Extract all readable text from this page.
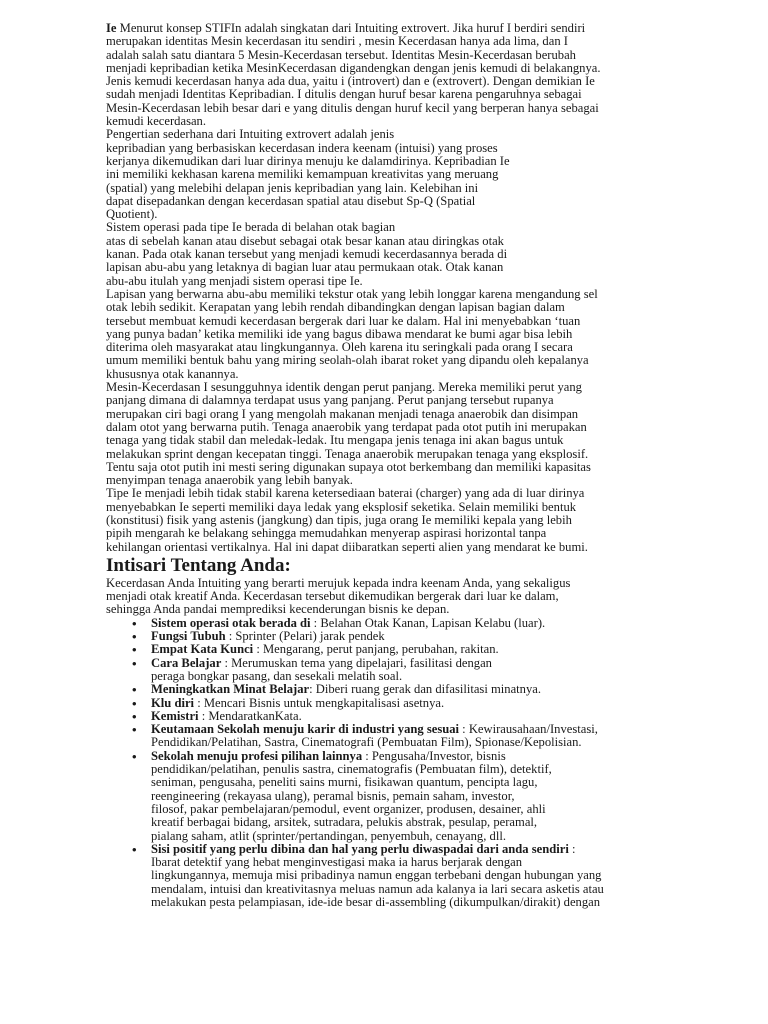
Ie Menurut konsep STIFIn adalah singkatan dari Intuiting extrovert. Jika huruf I berdiri sendiri
merupakan identitas Mesin kecerdasan itu sendiri , mesin Kecerdasan hanya ada lima, dan I
adalah salah satu diantara 5 Mesin-Kecerdasan tersebut. Identitas Mesin-Kecerdasan berubah
menjadi kepribadian ketika MesinKecerdasan digandengkan dengan jenis kemudi di belakangnya.
Jenis kemudi kecerdasan hanya ada dua, yaitu i (introvert) dan e (extrovert). Dengan demikian Ie
sudah menjadi Identitas Kepribadian. I ditulis dengan huruf besar karena pengaruhnya sebagai
Mesin-Kecerdasan lebih besar dari e yang ditulis dengan huruf kecil yang berperan hanya sebagai
kemudi kecerdasan.
Pengertian sederhana dari Intuiting extrovert adalah jenis
kepribadian yang berbasiskan kecerdasan indera keenam (intuisi) yang proses
kerjanya dikemudikan dari luar dirinya menuju ke dalamdirinya. Kepribadian Ie
ini memiliki kekhasan karena memiliki kemampuan kreativitas yang meruang
(spatial) yang melebihi delapan jenis kepribadian yang lain. Kelebihan ini
dapat disepadankan dengan kecerdasan spatial atau disebut Sp-Q (Spatial
Quotient).
Sistem operasi pada tipe Ie berada di belahan otak bagian
atas di sebelah kanan atau disebut sebagai otak besar kanan atau diringkas otak
kanan. Pada otak kanan tersebut yang menjadi kemudi kecerdasannya berada di
lapisan abu-abu yang letaknya di bagian luar atau permukaan otak. Otak kanan
abu-abu itulah yang menjadi sistem operasi tipe Ie.
Lapisan yang berwarna abu-abu memiliki tekstur otak yang lebih longgar karena mengandung sel
otak lebih sedikit. Kerapatan yang lebih rendah dibandingkan dengan lapisan bagian dalam
tersebut membuat kemudi kecerdasan bergerak dari luar ke dalam. Hal ini menyebabkan ‘tuan
yang punya badan’ ketika memiliki ide yang bagus dibawa mendarat ke bumi agar bisa lebih
diterima oleh masyarakat atau lingkungannya. Oleh karena itu seringkali pada orang I secara
umum memiliki bentuk bahu yang miring seolah-olah ibarat roket yang dipandu oleh kepalanya
khususnya otak kanannya.
Mesin-Kecerdasan I sesungguhnya identik dengan perut panjang. Mereka memiliki perut yang
panjang dimana di dalamnya terdapat usus yang panjang. Perut panjang tersebut rupanya
merupakan ciri bagi orang I yang mengolah makanan menjadi tenaga anaerobik dan disimpan
dalam otot yang berwarna putih. Tenaga anaerobik yang terdapat pada otot putih ini merupakan
tenaga yang tidak stabil dan meledak-ledak. Itu mengapa jenis tenaga ini akan bagus untuk
melakukan sprint dengan kecepatan tinggi. Tenaga anaerobik merupakan tenaga yang eksplosif.
Tentu saja otot putih ini mesti sering digunakan supaya otot berkembang dan memiliki kapasitas
menyimpan tenaga anaerobik yang lebih banyak.
Tipe Ie menjadi lebih tidak stabil karena ketersediaan baterai (charger) yang ada di luar dirinya
menyebabkan Ie seperti memiliki daya ledak yang eksplosif seketika. Selain memiliki bentuk
(konstitusi) fisik yang astenis (jangkung) dan tipis, juga orang Ie memiliki kepala yang lebih
pipih mengarah ke belakang sehingga memudahkan menyerap aspirasi horizontal tanpa
kehilangan orientasi vertikalnya. Hal ini dapat diibaratkan seperti alien yang mendarat ke bumi.
Intisari Tentang Anda:
Kecerdasan Anda Intuiting yang berarti merujuk kepada indra keenam Anda, yang sekaligus
menjadi otak kreatif Anda. Kecerdasan tersebut dikemudikan bergerak dari luar ke dalam,
sehingga Anda pandai memprediksi kecenderungan bisnis ke depan.
• Sistem operasi otak berada di : Belahan Otak Kanan, Lapisan Kelabu (luar).
• Fungsi Tubuh : Sprinter (Pelari) jarak pendek
• Empat Kata Kunci : Mengarang, perut panjang, perubahan, rakitan.
• Cara Belajar : Merumuskan tema yang dipelajari, fasilitasi dengan
peraga bongkar pasang, dan sesekali melatih soal.
• Meningkatkan Minat Belajar: Diberi ruang gerak dan difasilitasi minatnya.
• Klu diri : Mencari Bisnis untuk mengkapitalisasi asetnya.
• Kemistri : MendaratkanKata.
• Keutamaan Sekolah menuju karir di industri yang sesuai : Kewirausahaan/Investasi,
Pendidikan/Pelatihan, Sastra, Cinematografi (Pembuatan Film), Spionase/Kepolisian.
• Sekolah menuju profesi pilihan lainnya : Pengusaha/Investor, bisnis
pendidikan/pelatihan, penulis sastra, cinematografis (Pembuatan film), detektif,
seniman, pengusaha, peneliti sains murni, fisikawan quantum, pencipta lagu,
reengineering (rekayasa ulang), peramal bisnis, pemain saham, investor,
filosof, pakar pembelajaran/pemodul, event organizer, produsen, desainer, ahli
kreatif berbagai bidang, arsitek, sutradara, pelukis abstrak, pesulap, peramal,
pialang saham, atlit (sprinter/pertandingan, penyembuh, cenayang, dll.
• Sisi positif yang perlu dibina dan hal yang perlu diwaspadai dari anda sendiri :
Ibarat detektif yang hebat menginvestigasi maka ia harus berjarak dengan
lingkungannya, memuja misi pribadinya namun enggan terbebani dengan hubungan yang
mendalam, intuisi dan kreativitasnya meluas namun ada kalanya ia lari secara asketis atau
melakukan pesta pelampiasan, ide-ide besar di-assembling (dikumpulkan/dirakit) dengan
